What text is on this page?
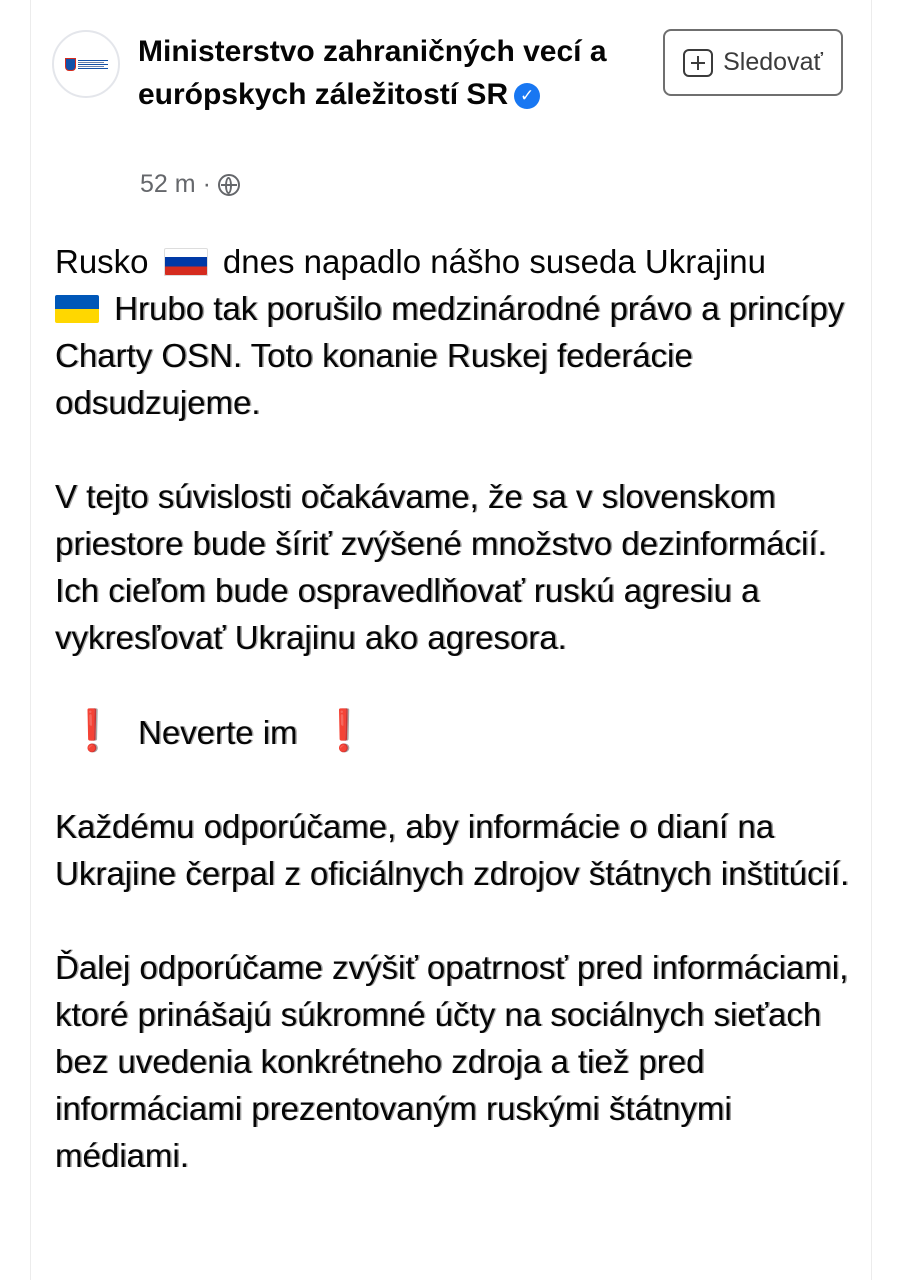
Ministerstvo zahraničných vecí a európskych záležitostí SR ✓
52 m ·
Sledovať

Rusko dnes napadlo nášho suseda Ukrajinu
Hrubo tak porušilo medzinárodné právo a princípy Charty OSN. Toto konanie Ruskej federácie odsudzujeme.

V tejto súvislosti očakávame, že sa v slovenskom priestore bude šíriť zvýšené množstvo dezinformácií. Ich cieľom bude ospravedlňovať ruskú agresiu a vykresľovať Ukrajinu ako agresora.

❗ Neverte im ❗

Každému odporúčame, aby informácie o dianí na Ukrajine čerpal z oficiálnych zdrojov štátnych inštitúcií.

Ďalej odporúčame zvýšiť opatrnosť pred informáciami, ktoré prinášajú súkromné účty na sociálnych sieťach bez uvedenia konkrétneho zdroja a tiež pred informáciami prezentovaným ruskými štátnymi médiami.
